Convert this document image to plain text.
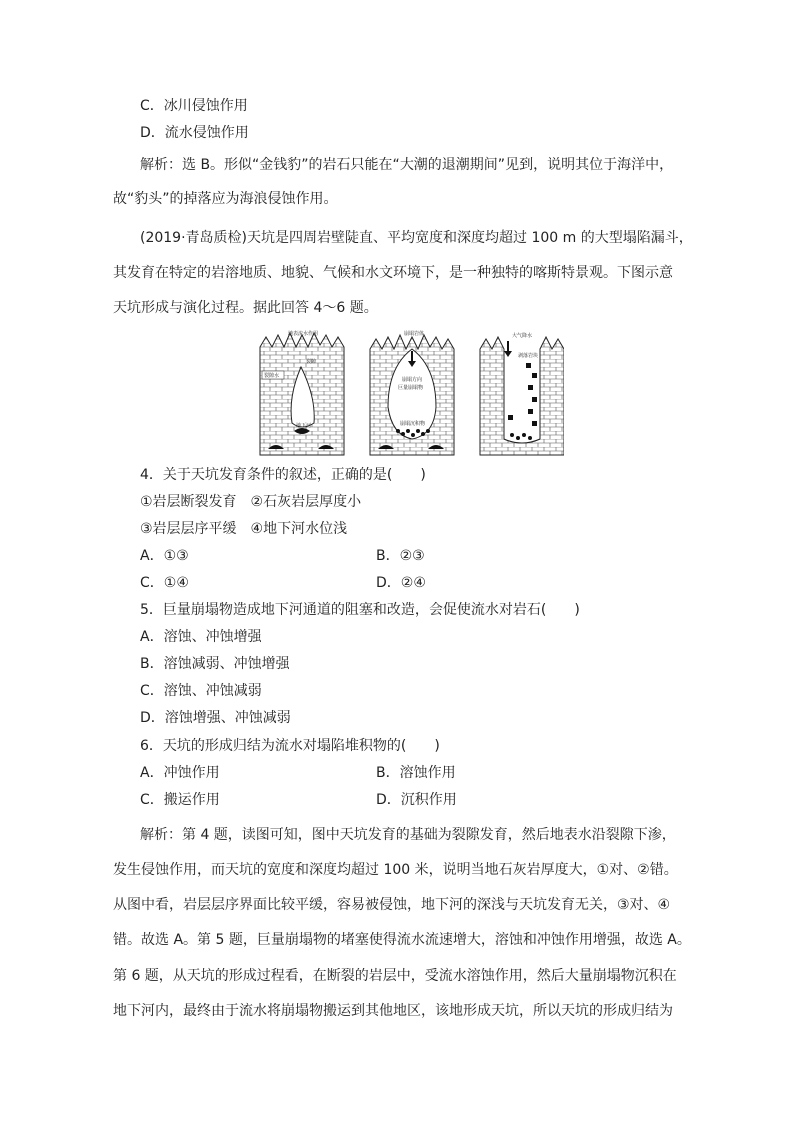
C．冰川侵蚀作用
D．流水侵蚀作用
解析：选 B。形似“金钱豹”的岩石只能在“大潮的退潮期间”见到，说明其位于海洋中，
故“豹头”的掉落应为海浪侵蚀作用。
(2019·青岛质检)天坑是四周岩壁陡直、平均宽度和深度均超过 100 m 的大型塌陷漏斗，
其发育在特定的岩溶地质、地貌、气候和水文环境下，是一种独特的喀斯特景观。下图示意
天坑形成与演化过程。据此回答 4～6 题。
地表流水作用
裂隙
裂隙水
地下河
崩塌岩体
崩塌方向
巨量崩塌物
崩塌沉积物
大气降水
剥落岩块
4．关于天坑发育条件的叙述，正确的是(　　)
①岩层断裂发育　②石灰岩层厚度小
③岩层层序平缓　④地下河水位浅
A．①③	B．②③
C．①④	D．②④
5．巨量崩塌物造成地下河通道的阻塞和改造，会促使流水对岩石(　　)
A．溶蚀、冲蚀增强
B．溶蚀减弱、冲蚀增强
C．溶蚀、冲蚀减弱
D．溶蚀增强、冲蚀减弱
6．天坑的形成归结为流水对塌陷堆积物的(　　)
A．冲蚀作用	B．溶蚀作用
C．搬运作用	D．沉积作用
解析：第 4 题，读图可知，图中天坑发育的基础为裂隙发育，然后地表水沿裂隙下渗，
发生侵蚀作用，而天坑的宽度和深度均超过 100 米，说明当地石灰岩厚度大，①对、②错。
从图中看，岩层层序界面比较平缓，容易被侵蚀，地下河的深浅与天坑发育无关，③对、④
错。故选 A。第 5 题，巨量崩塌物的堵塞使得流水流速增大，溶蚀和冲蚀作用增强，故选 A。
第 6 题，从天坑的形成过程看，在断裂的岩层中，受流水溶蚀作用，然后大量崩塌物沉积在
地下河内，最终由于流水将崩塌物搬运到其他地区，该地形成天坑，所以天坑的形成归结为
